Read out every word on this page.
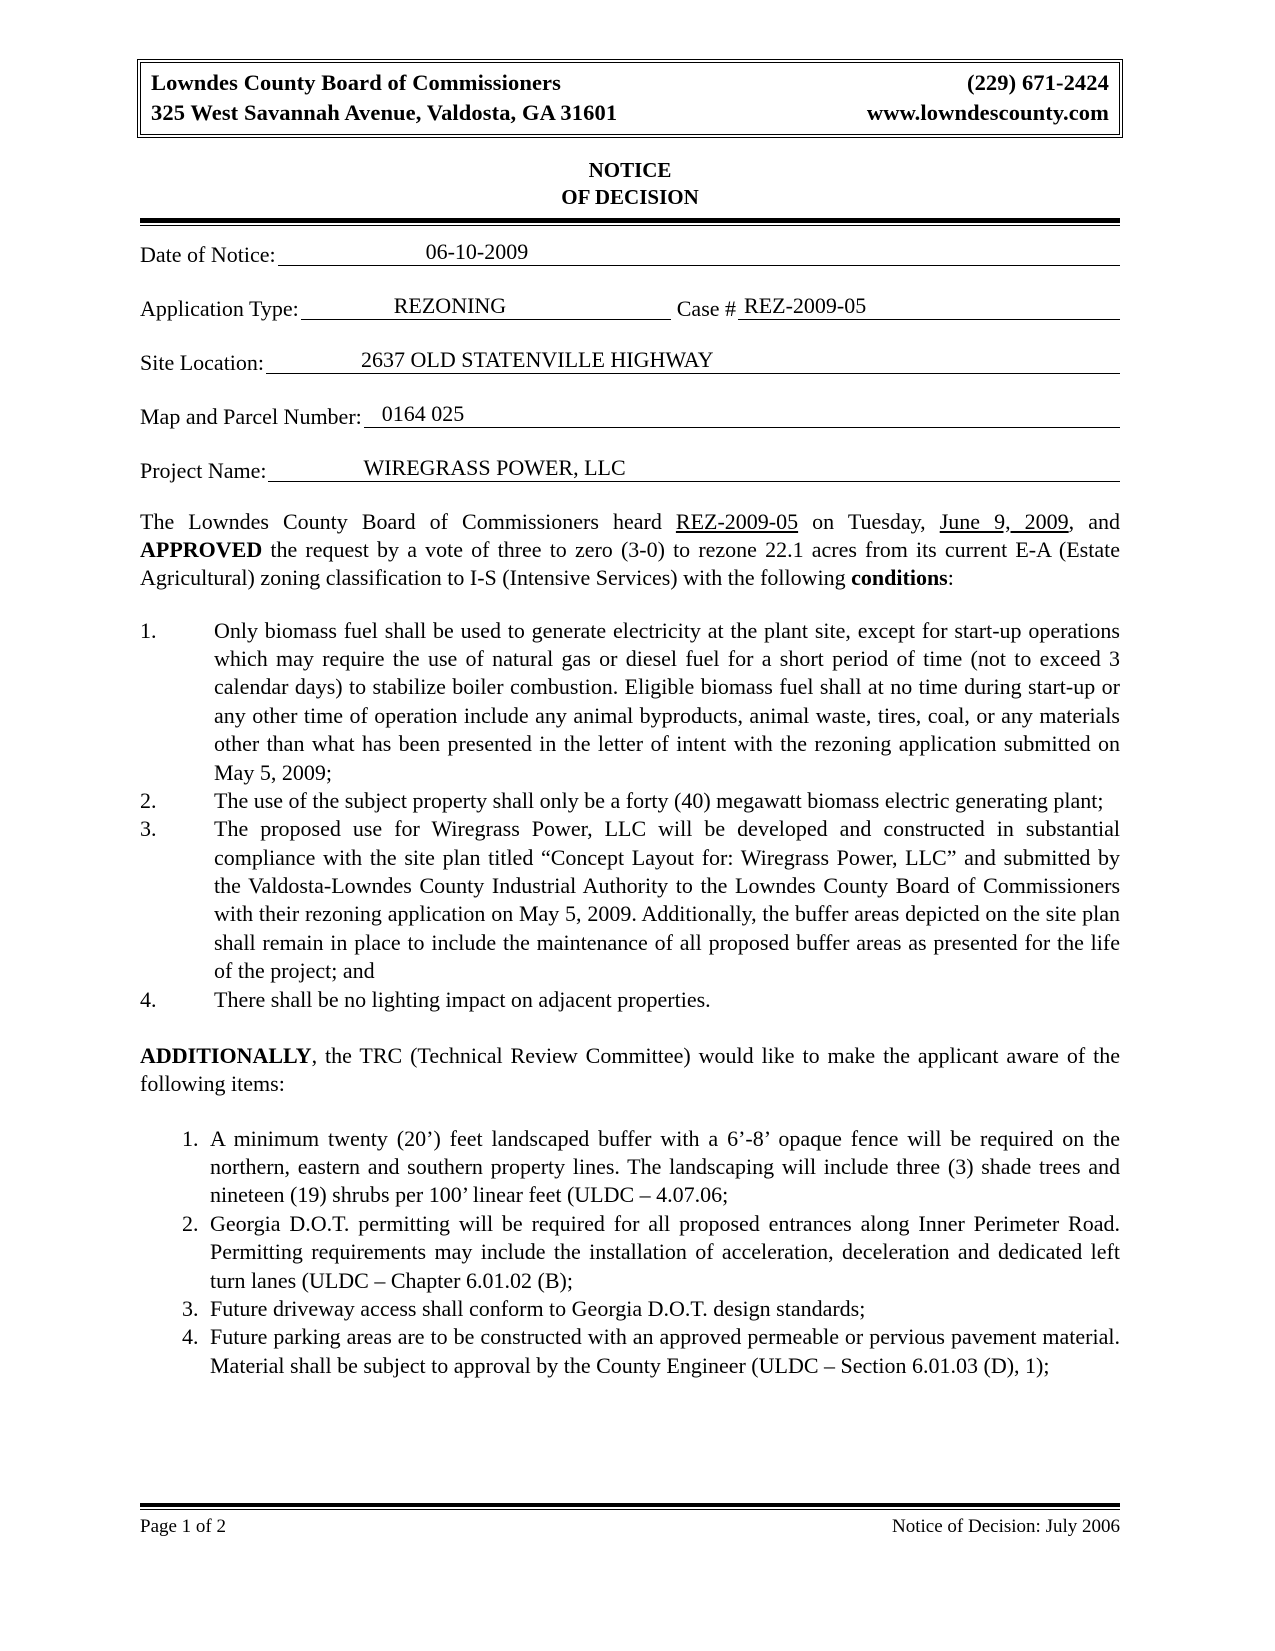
Lowndes County Board of Commissioners	(229) 671-2424
325 West Savannah Avenue, Valdosta, GA 31601	www.lowndescounty.com
NOTICE
OF DECISION
Date of Notice:	06-10-2009
Application Type:	REZONING	Case # REZ-2009-05
Site Location:	2637 OLD STATENVILLE HIGHWAY
Map and Parcel Number: 0164 025
Project Name:	WIREGRASS POWER, LLC

The Lowndes County Board of Commissioners heard REZ-2009-05 on Tuesday, June 9, 2009, and APPROVED the request by a vote of three to zero (3-0) to rezone 22.1 acres from its current E-A (Estate Agricultural) zoning classification to I-S (Intensive Services) with the following conditions:

1.	Only biomass fuel shall be used to generate electricity at the plant site, except for start-up operations which may require the use of natural gas or diesel fuel for a short period of time (not to exceed 3 calendar days) to stabilize boiler combustion. Eligible biomass fuel shall at no time during start-up or any other time of operation include any animal byproducts, animal waste, tires, coal, or any materials other than what has been presented in the letter of intent with the rezoning application submitted on May 5, 2009;
2.	The use of the subject property shall only be a forty (40) megawatt biomass electric generating plant;
3.	The proposed use for Wiregrass Power, LLC will be developed and constructed in substantial compliance with the site plan titled “Concept Layout for: Wiregrass Power, LLC” and submitted by the Valdosta-Lowndes County Industrial Authority to the Lowndes County Board of Commissioners with their rezoning application on May 5, 2009. Additionally, the buffer areas depicted on the site plan shall remain in place to include the maintenance of all proposed buffer areas as presented for the life of the project; and
4.	There shall be no lighting impact on adjacent properties.

ADDITIONALLY, the TRC (Technical Review Committee) would like to make the applicant aware of the following items:

1. A minimum twenty (20’) feet landscaped buffer with a 6’-8’ opaque fence will be required on the northern, eastern and southern property lines. The landscaping will include three (3) shade trees and nineteen (19) shrubs per 100’ linear feet (ULDC – 4.07.06;
2. Georgia D.O.T. permitting will be required for all proposed entrances along Inner Perimeter Road. Permitting requirements may include the installation of acceleration, deceleration and dedicated left turn lanes (ULDC – Chapter 6.01.02 (B);
3. Future driveway access shall conform to Georgia D.O.T. design standards;
4. Future parking areas are to be constructed with an approved permeable or pervious pavement material. Material shall be subject to approval by the County Engineer (ULDC – Section 6.01.03 (D), 1);
Page 1 of 2	Notice of Decision: July 2006
